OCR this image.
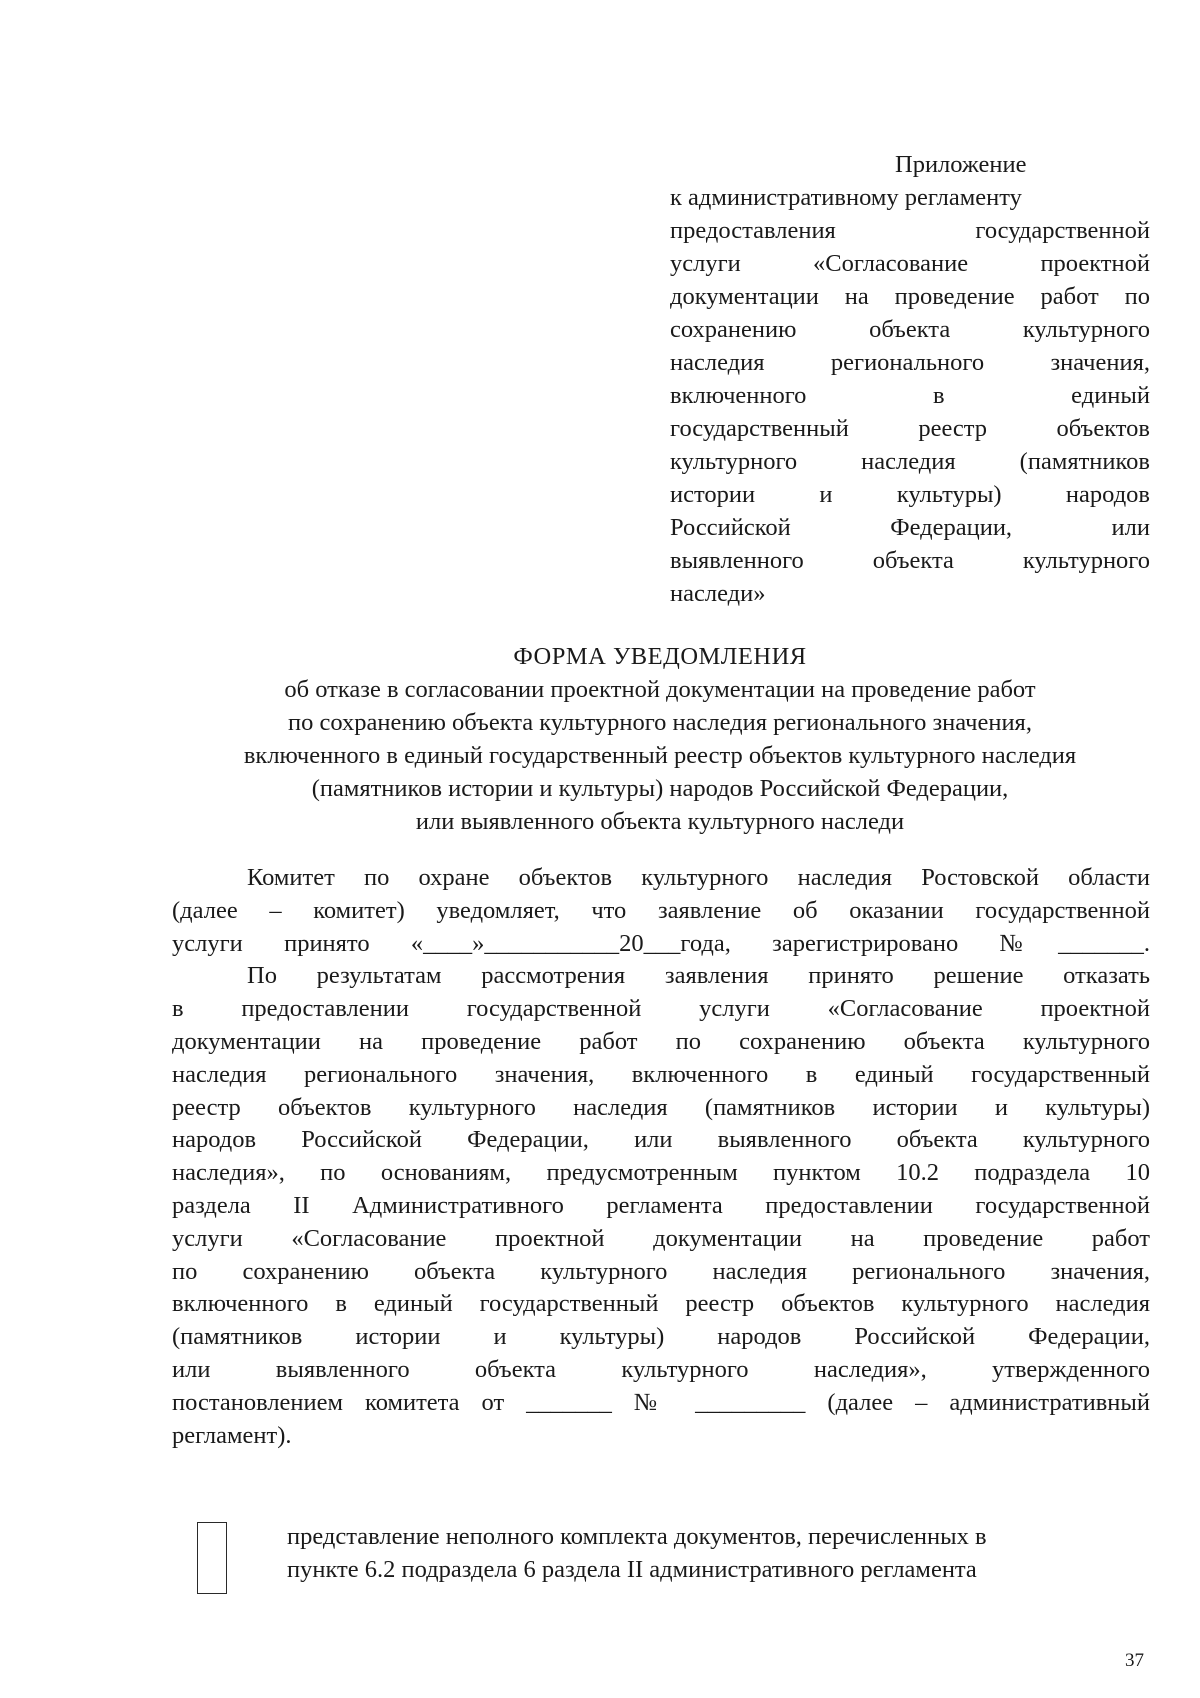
Приложение
к административному регламенту
предоставления государственной
услуги «Согласование проектной
документации на проведение работ по
сохранению объекта культурного
наследия регионального значения,
включенного в единый
государственный реестр объектов
культурного наследия (памятников
истории и культуры) народов
Российской Федерации, или
выявленного объекта культурного
наследи»
ФОРМА УВЕДОМЛЕНИЯ
об отказе в согласовании проектной документации на проведение работ
по сохранению объекта культурного наследия регионального значения,
включенного в единый государственный реестр объектов культурного наследия
(памятников истории и культуры) народов Российской Федерации,
или выявленного объекта культурного наследи
Комитет по охране объектов культурного наследия Ростовской области
(далее – комитет) уведомляет, что заявление об оказании государственной
услуги принято «____»___________20___года, зарегистрировано №_______.
По результатам рассмотрения заявления принято решение отказать
в предоставлении государственной услуги «Согласование проектной
документации на проведение работ по сохранению объекта культурного
наследия регионального значения, включенного в единый государственный
реестр объектов культурного наследия (памятников истории и культуры)
народов Российской Федерации, или выявленного объекта культурного
наследия», по основаниям, предусмотренным пунктом 10.2 подраздела 10
раздела II Административного регламента предоставлении государственной
услуги «Согласование проектной документации на проведение работ
по сохранению объекта культурного наследия регионального значения,
включенного в единый государственный реестр объектов культурного наследия
(памятников истории и культуры) народов Российской Федерации,
или выявленного объекта культурного наследия», утвержденного
постановлением комитета от _______ № _________ (далее – административный
регламент).
представление неполного комплекта документов, перечисленных в
пункте 6.2 подраздела 6 раздела II административного регламента
37
